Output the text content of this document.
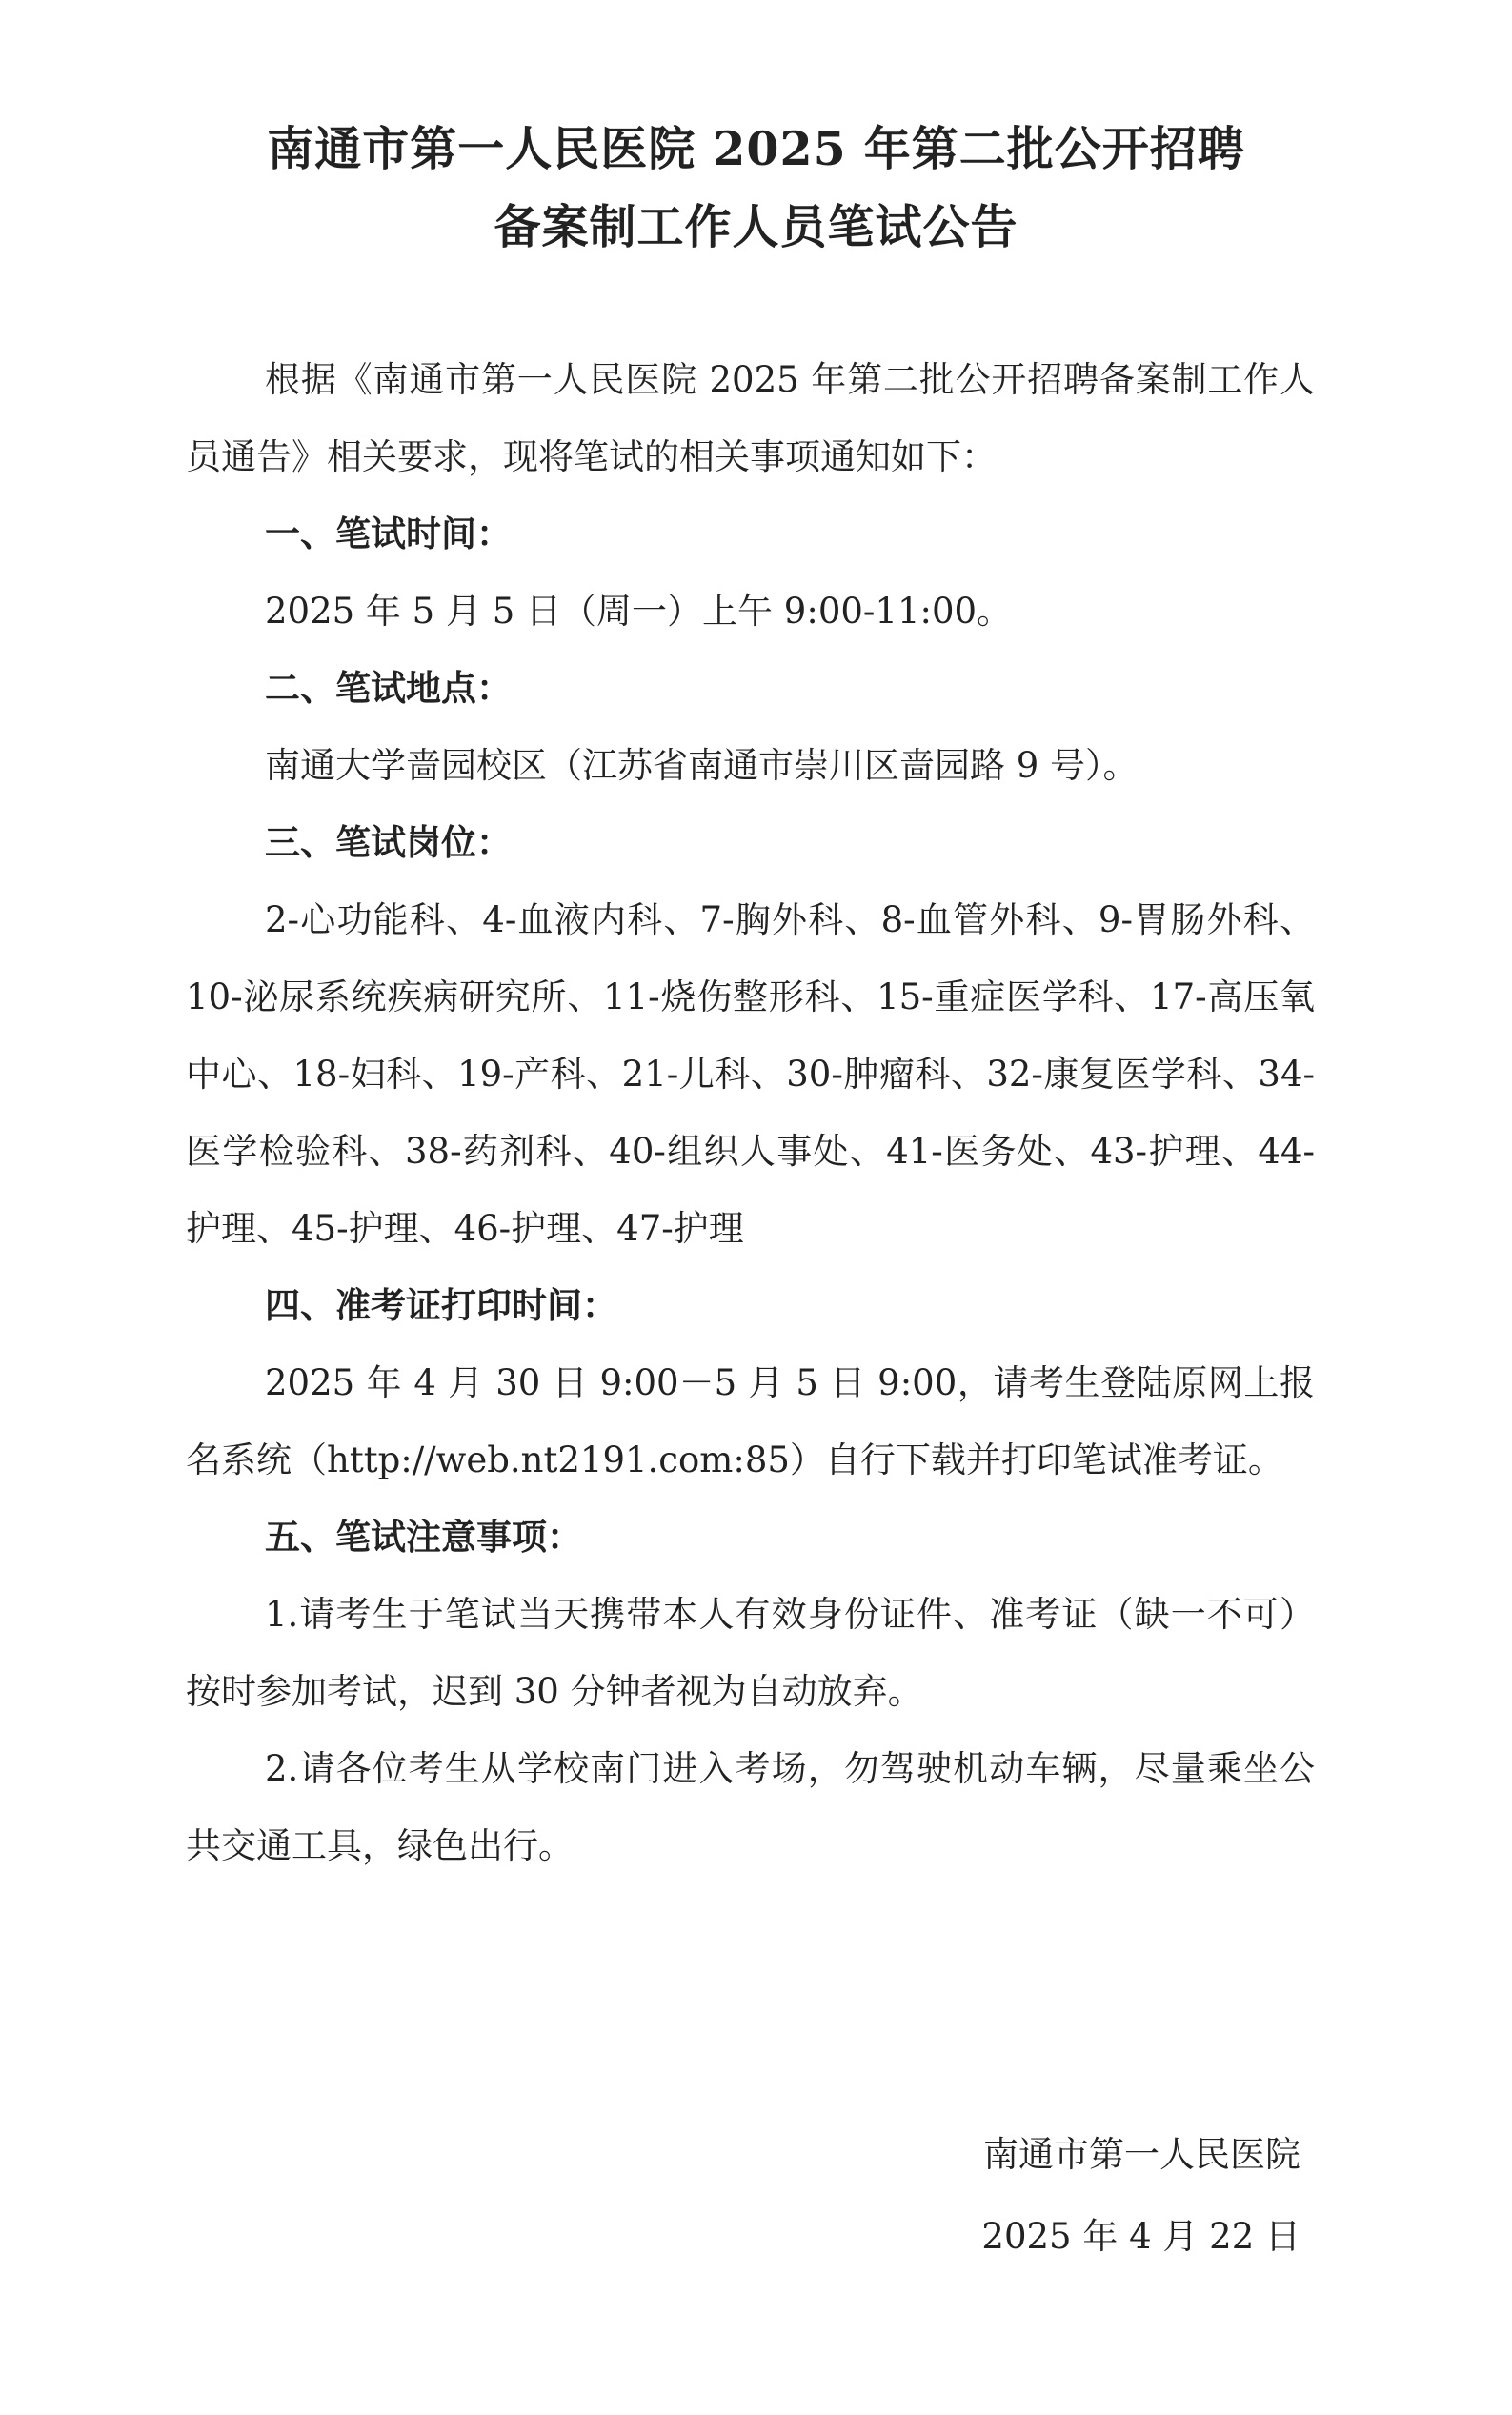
南通市第一人民医院 2025 年第二批公开招聘
备案制工作人员笔试公告

根据《南通市第一人民医院 2025 年第二批公开招聘备案制工作人员通告》相关要求，现将笔试的相关事项通知如下：

一、笔试时间：

2025 年 5 月 5 日（周一）上午 9:00-11:00。

二、笔试地点：

南通大学啬园校区（江苏省南通市崇川区啬园路 9 号）。

三、笔试岗位：

2-心功能科、4-血液内科、7-胸外科、8-血管外科、9-胃肠外科、10-泌尿系统疾病研究所、11-烧伤整形科、15-重症医学科、17-高压氧中心、18-妇科、19-产科、21-儿科、30-肿瘤科、32-康复医学科、34-医学检验科、38-药剂科、40-组织人事处、41-医务处、43-护理、44-护理、45-护理、46-护理、47-护理

四、准考证打印时间：

2025 年 4 月 30 日 9:00－5 月 5 日 9:00，请考生登陆原网上报名系统（http://web.nt2191.com:85）自行下载并打印笔试准考证。

五、笔试注意事项：

1.请考生于笔试当天携带本人有效身份证件、准考证（缺一不可）按时参加考试，迟到 30 分钟者视为自动放弃。

2.请各位考生从学校南门进入考场，勿驾驶机动车辆，尽量乘坐公共交通工具，绿色出行。

南通市第一人民医院
2025 年 4 月 22 日
